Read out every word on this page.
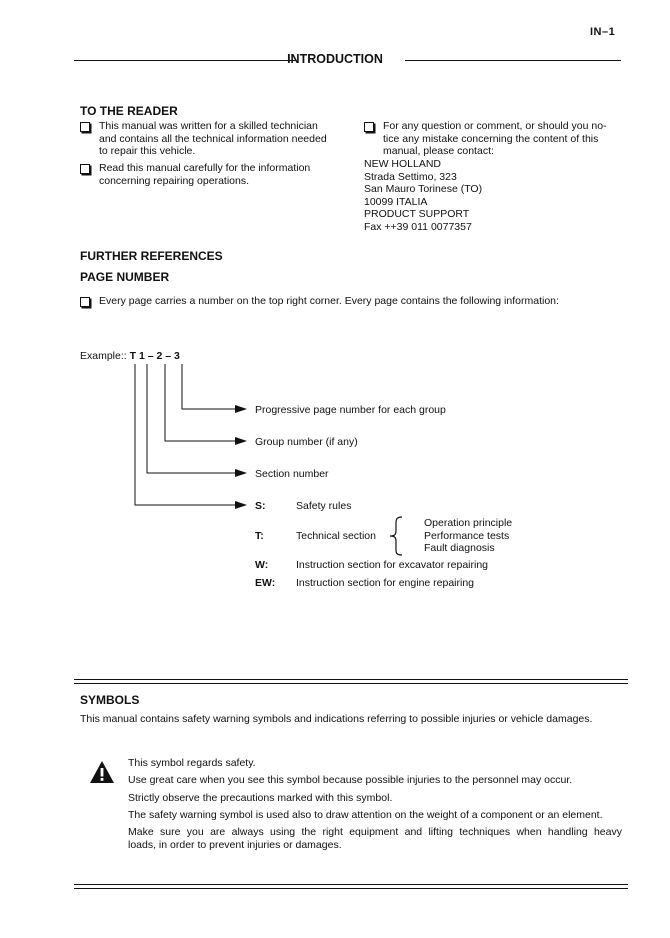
IN–1
INTRODUCTION
TO THE READER
This manual was written for a skilled technician
and contains all the technical information needed
to repair this vehicle.
Read this manual carefully for the information
concerning repairing operations.
For any question or comment, or should you no-
tice any mistake concerning the content of this
manual, please contact:
NEW HOLLAND
Strada Settimo, 323
San Mauro Torinese (TO)
10099 ITALIA
PRODUCT SUPPORT
Fax ++39 011 0077357
FURTHER REFERENCES
PAGE NUMBER
Every page carries a number on the top right corner. Every page contains the following information:
Example:: T 1 – 2 – 3
Progressive page number for each group
Group number (if any)
Section number
S:	Safety rules
T:	Technical section
Operation principle
Performance tests
Fault diagnosis
W:	Instruction section for excavator repairing
EW: Instruction section for engine repairing
SYMBOLS
This manual contains safety warning symbols and indications referring to possible injuries or vehicle damages.
This symbol regards safety.
Use great care when you see this symbol because possible injuries to the personnel may occur.
Strictly observe the precautions marked with this symbol.
The safety warning symbol is used also to draw attention on the weight of a component or an element.
Make sure you are always using the right equipment and lifting techniques when handling heavy
loads, in order to prevent injuries or damages.
